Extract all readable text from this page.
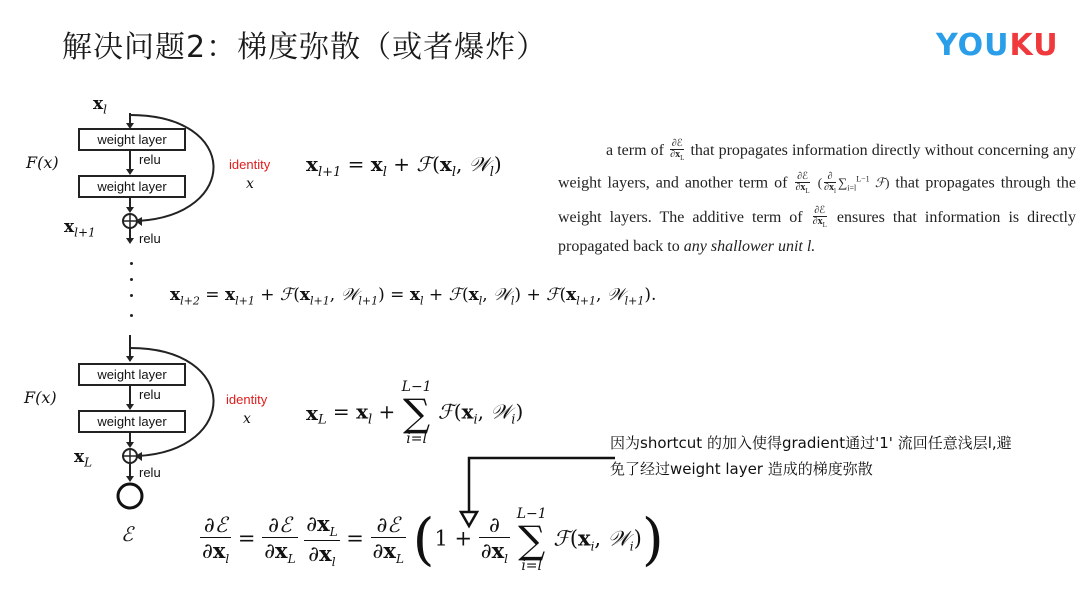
解决问题2：梯度弥散（或者爆炸）	YOUKU
$x_l$
weight layer
relu
weight layer
F(x)	identity
x
$x_{l+1}$	relu
$x_{l+1} = x_l$ + $ℱ(x_l$, 𝒲$_l$)
a term of $\frac{\text{∂ℰ}}{\partial x_L}$ that propagates information directly without concerning any weight layers, and another term of $\frac{\text{∂ℰ}}{\partial x_L}$ ( $\frac{\partial}{\partial x_l} \sum_{i=l}^{L-1}$ ℱ) that propagates through the weight layers. The additive term of $\frac{\text{∂ℰ}}{\partial x_L}$ ensures that information is directly propagated back to any shallower unit l.
$x_{l+2} = x_{l+1}$ + $ℱ(x_{l+1}$, 𝒲$_{l+1}$) = $x_l$ + $ℱ(x_l$, 𝒲$_l$) + $ℱ(x_{l+1}$, 𝒲$_{l+1}$).
weight layer
relu
weight layer
F(x)	identity
x
$x_L$
relu
ℰ
$x_L = x_l$ +
L−1
∑
i=l
$ℱ(x_i$, 𝒲$_i$)
因为shortcut 的加入使得gradient通过'1' 流回任意浅层l,避
免了经过weight layer 造成的梯度弥散
∂ℰ
$\partial x_l$
=
∂ℰ
$\partial x_L$
$\frac{\partial x_L}{\partial x_l}$ =
∂ℰ
$\partial x_L$ (1 +
∂
$\partial x_l$

L−1
∑
i=l
$ℱ(x_i$, 𝒲$_i$))
